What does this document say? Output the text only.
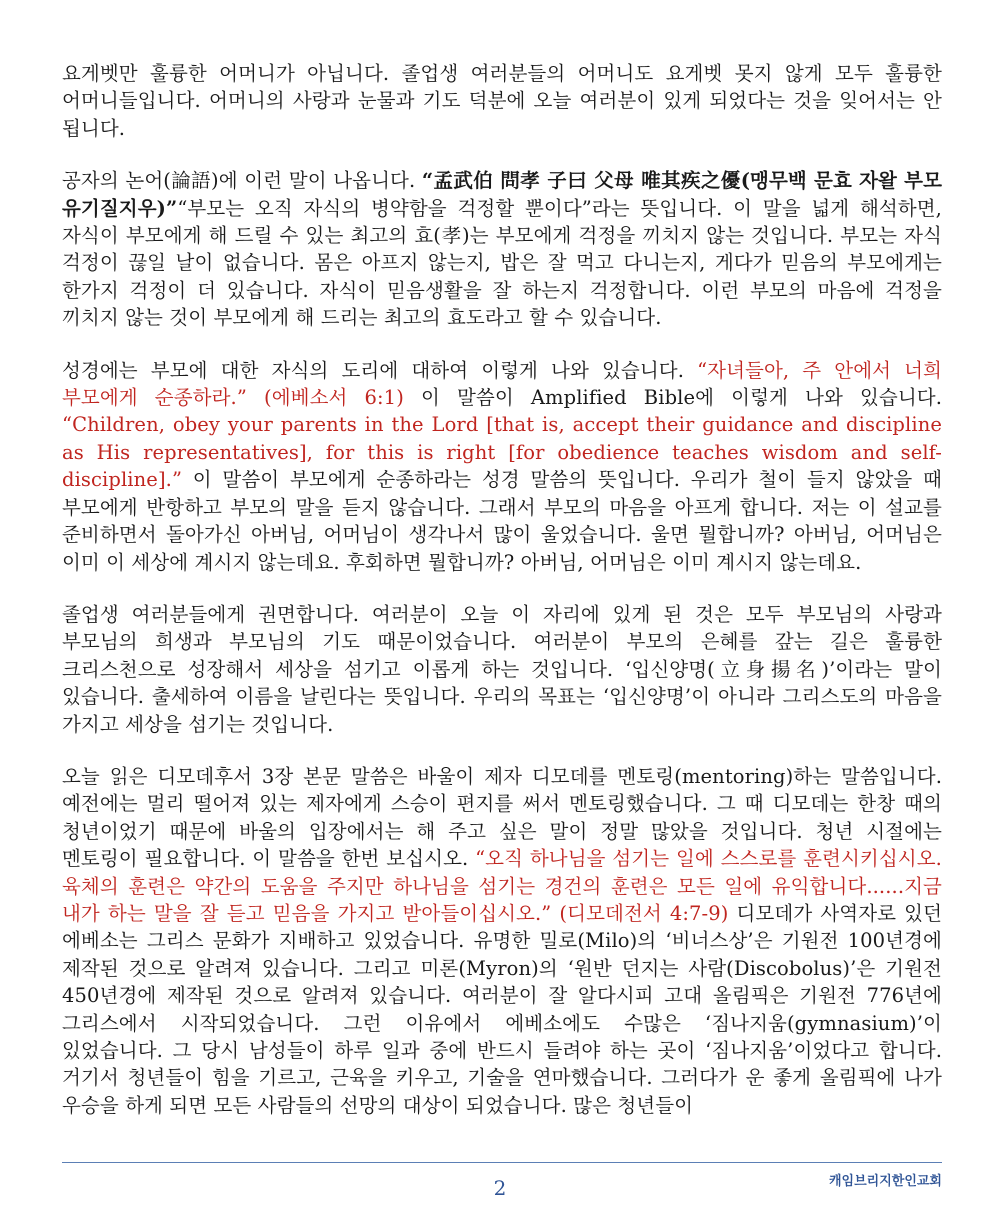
요게벳만 훌륭한 어머니가 아닙니다. 졸업생 여러분들의 어머니도 요게벳 못지 않게 모두 훌륭한 어머니들입니다. 어머니의 사랑과 눈물과 기도 덕분에 오늘 여러분이 있게 되었다는 것을 잊어서는 안 됩니다.

공자의 논어(論語)에 이런 말이 나옵니다. “孟武伯 問孝 子曰 父母 唯其疾之優(맹무백 문효 자왈 부모 유기질지우)”“부모는 오직 자식의 병약함을 걱정할 뿐이다”라는 뜻입니다. 이 말을 넓게 해석하면, 자식이 부모에게 해 드릴 수 있는 최고의 효(孝)는 부모에게 걱정을 끼치지 않는 것입니다. 부모는 자식 걱정이 끊일 날이 없습니다. 몸은 아프지 않는지, 밥은 잘 먹고 다니는지, 게다가 믿음의 부모에게는 한가지 걱정이 더 있습니다. 자식이 믿음생활을 잘 하는지 걱정합니다. 이런 부모의 마음에 걱정을 끼치지 않는 것이 부모에게 해 드리는 최고의 효도라고 할 수 있습니다.

성경에는 부모에 대한 자식의 도리에 대하여 이렇게 나와 있습니다. “자녀들아, 주 안에서 너희 부모에게 순종하라.” (에베소서 6:1) 이 말씀이 Amplified Bible에 이렇게 나와 있습니다. “Children, obey your parents in the Lord [that is, accept their guidance and discipline as His representatives], for this is right [for obedience teaches wisdom and self-discipline].” 이 말씀이 부모에게 순종하라는 성경 말씀의 뜻입니다. 우리가 철이 들지 않았을 때 부모에게 반항하고 부모의 말을 듣지 않습니다. 그래서 부모의 마음을 아프게 합니다. 저는 이 설교를 준비하면서 돌아가신 아버님, 어머님이 생각나서 많이 울었습니다. 울면 뭘합니까? 아버님, 어머님은 이미 이 세상에 계시지 않는데요. 후회하면 뭘합니까? 아버님, 어머님은 이미 계시지 않는데요.

졸업생 여러분들에게 권면합니다. 여러분이 오늘 이 자리에 있게 된 것은 모두 부모님의 사랑과 부모님의 희생과 부모님의 기도 때문이었습니다. 여러분이 부모의 은혜를 갚는 길은 훌륭한 크리스천으로 성장해서 세상을 섬기고 이롭게 하는 것입니다. ‘입신양명(立身揚名)’이라는 말이 있습니다. 출세하여 이름을 날린다는 뜻입니다. 우리의 목표는 ‘입신양명’이 아니라 그리스도의 마음을 가지고 세상을 섬기는 것입니다.

오늘 읽은 디모데후서 3장 본문 말씀은 바울이 제자 디모데를 멘토링(mentoring)하는 말씀입니다. 예전에는 멀리 떨어져 있는 제자에게 스승이 편지를 써서 멘토링했습니다. 그 때 디모데는 한창 때의 청년이었기 때문에 바울의 입장에서는 해 주고 싶은 말이 정말 많았을 것입니다. 청년 시절에는 멘토링이 필요합니다. 이 말씀을 한번 보십시오. “오직 하나님을 섬기는 일에 스스로를 훈련시키십시오. 육체의 훈련은 약간의 도움을 주지만 하나님을 섬기는 경건의 훈련은 모든 일에 유익합니다......지금 내가 하는 말을 잘 듣고 믿음을 가지고 받아들이십시오.” (디모데전서 4:7-9) 디모데가 사역자로 있던 에베소는 그리스 문화가 지배하고 있었습니다. 유명한 밀로(Milo)의 ‘비너스상’은 기원전 100년경에 제작된 것으로 알려져 있습니다. 그리고 미론(Myron)의 ‘원반 던지는 사람(Discobolus)’은 기원전 450년경에 제작된 것으로 알려져 있습니다. 여러분이 잘 알다시피 고대 올림픽은 기원전 776년에 그리스에서 시작되었습니다. 그런 이유에서 에베소에도 수많은 ‘짐나지움(gymnasium)’이 있었습니다. 그 당시 남성들이 하루 일과 중에 반드시 들려야 하는 곳이 ‘짐나지움’이었다고 합니다. 거기서 청년들이 힘을 기르고, 근육을 키우고, 기술을 연마했습니다. 그러다가 운 좋게 올림픽에 나가 우승을 하게 되면 모든 사람들의 선망의 대상이 되었습니다. 많은 청년들이

2	캐임브리지한인교회
